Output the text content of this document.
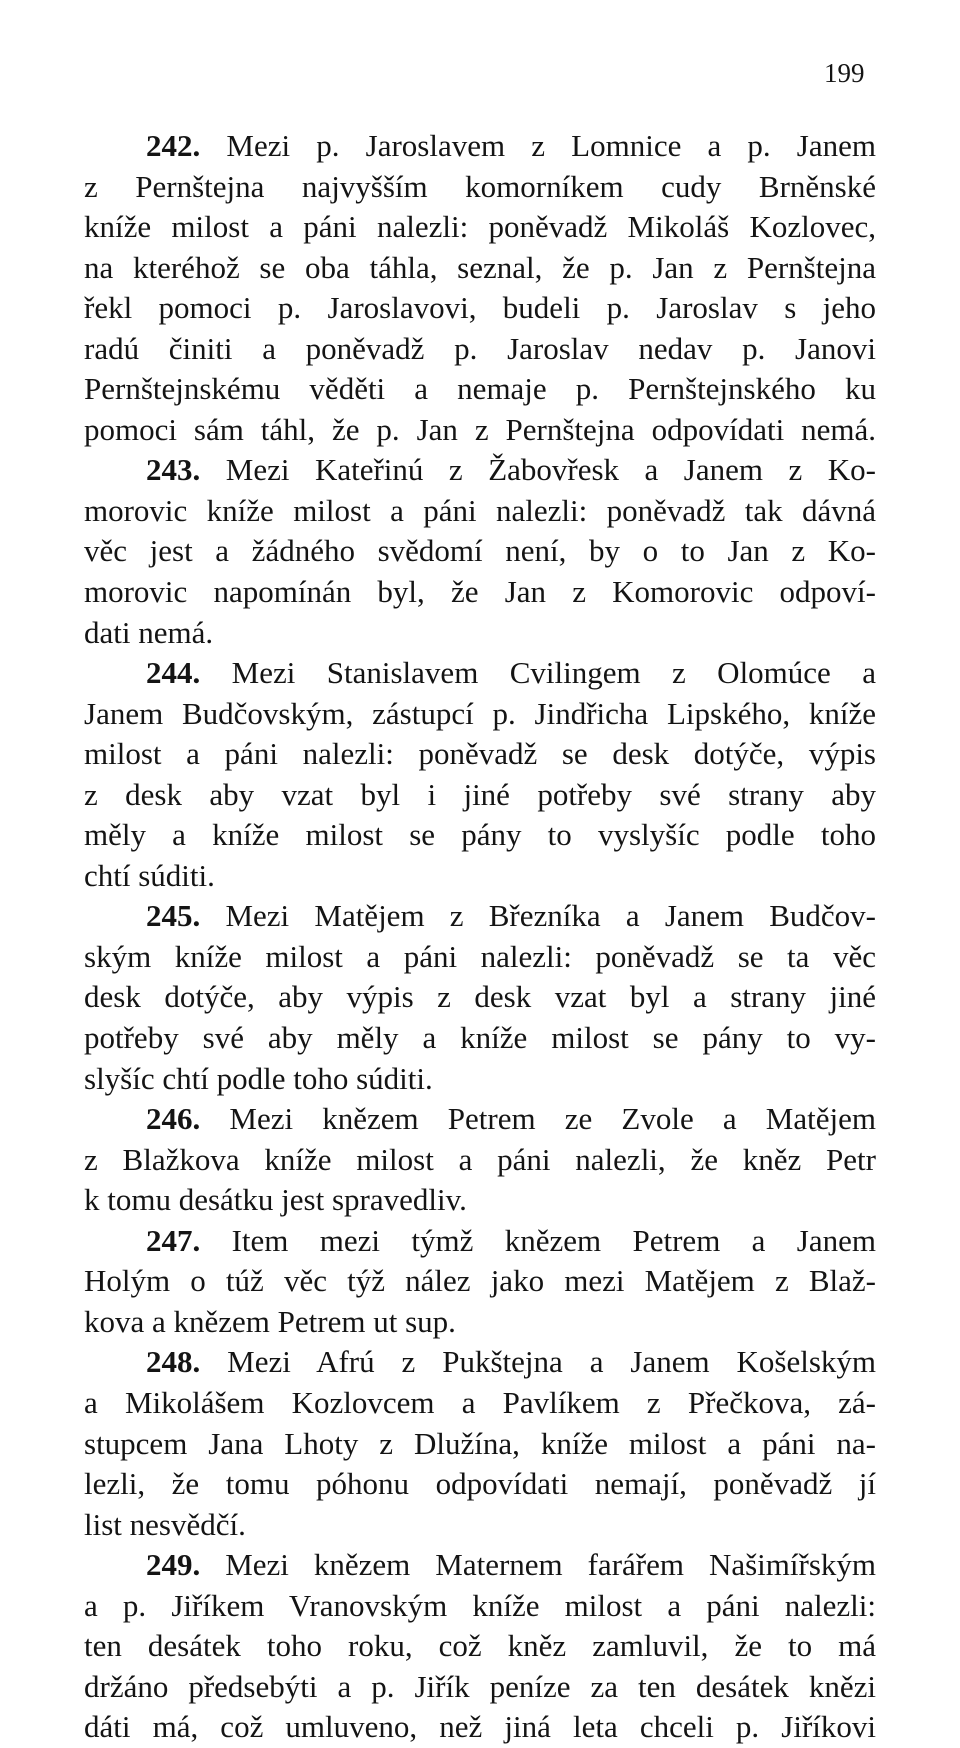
199
242. Mezi p. Jaroslavem z Lomnice a p. Janem
z Pernštejna najvyšším komorníkem cudy Brněnské
kníže milost a páni nalezli: poněvadž Mikoláš Kozlovec,
na kteréhož se oba táhla, seznal, že p. Jan z Pernštejna
řekl pomoci p. Jaroslavovi, budeli p. Jaroslav s jeho
radú činiti a poněvadž p. Jaroslav nedav p. Janovi
Pernštejnskému věděti a nemaje p. Pernštejnského ku
pomoci sám táhl, že p. Jan z Pernštejna odpovídati nemá.
243. Mezi Kateřinú z Žabovřesk a Janem z Ko-
morovic kníže milost a páni nalezli: poněvadž tak dávná
věc jest a žádného svědomí není, by o to Jan z Ko-
morovic napomínán byl, že Jan z Komorovic odpoví-
dati nemá.
244. Mezi Stanislavem Cvilingem z Olomúce a
Janem Budčovským, zástupcí p. Jindřicha Lipského, kníže
milost a páni nalezli: poněvadž se desk dotýče, výpis
z desk aby vzat byl i jiné potřeby své strany aby
měly a kníže milost se pány to vyslyšíc podle toho
chtí súditi.
245. Mezi Matějem z Březníka a Janem Budčov-
ským kníže milost a páni nalezli: poněvadž se ta věc
desk dotýče, aby výpis z desk vzat byl a strany jiné
potřeby své aby měly a kníže milost se pány to vy-
slyšíc chtí podle toho súditi.
246. Mezi knězem Petrem ze Zvole a Matějem
z Blažkova kníže milost a páni nalezli, že kněz Petr
k tomu desátku jest spravedliv.
247. Item mezi týmž knězem Petrem a Janem
Holým o túž věc týž nález jako mezi Matějem z Blaž-
kova a knězem Petrem ut sup.
248. Mezi Afrú z Pukštejna a Janem Košelským
a Mikolášem Kozlovcem a Pavlíkem z Přečkova, zá-
stupcem Jana Lhoty z Dlužína, kníže milost a páni na-
lezli, že tomu póhonu odpovídati nemají, poněvadž jí
list nesvědčí.
249. Mezi knězem Maternem farářem Našimířským
a p. Jiříkem Vranovským kníže milost a páni nalezli:
ten desátek toho roku, což kněz zamluvil, že to má
držáno předsebýti a p. Jiřík peníze za ten desátek knězi
dáti má, což umluveno, než jiná leta chceli p. Jiříkovi
